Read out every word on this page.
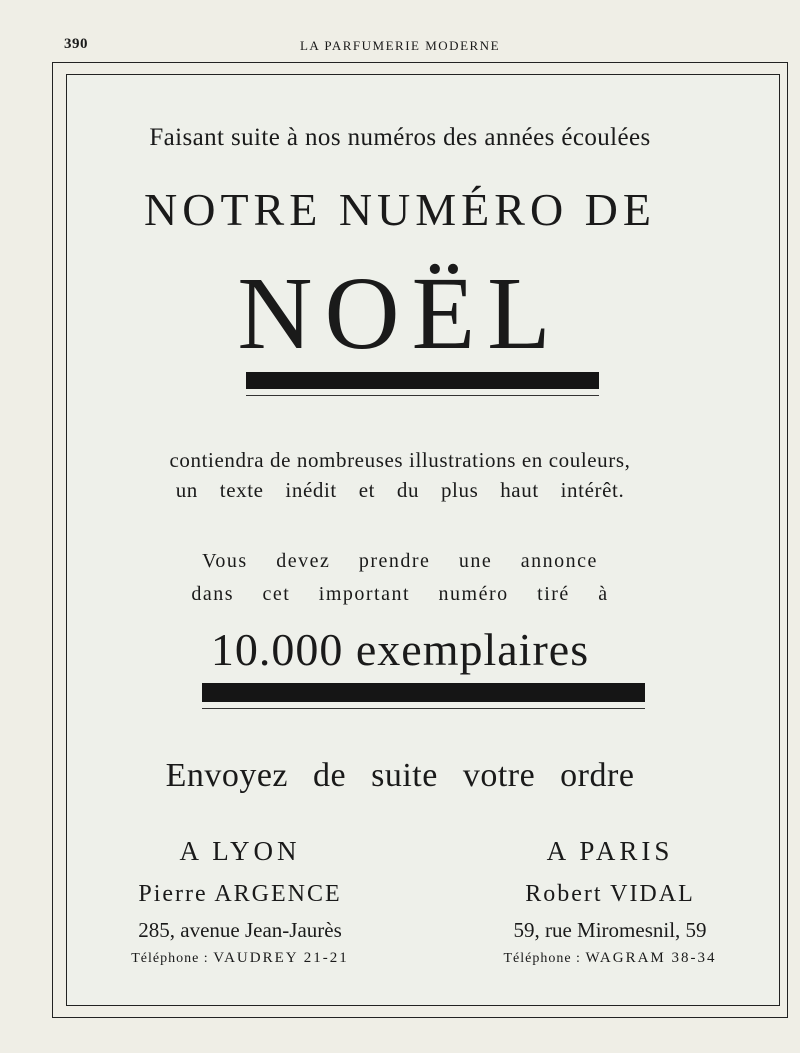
390	LA PARFUMERIE MODERNE
Faisant suite à nos numéros des années écoulées
NOTRE NUMÉRO DE
NOËL
contiendra de nombreuses illustrations en couleurs,
un texte inédit et du plus haut intérêt.
Vous devez prendre une annonce
dans cet important numéro tiré à
10.000 exemplaires
Envoyez de suite votre ordre
A LYON	A PARIS
Pierre ARGENCE	Robert VIDAL
285, avenue Jean-Jaurès	59, rue Miromesnil, 59
Téléphone : VAUDREY 21-21	Téléphone : WAGRAM 38-34
